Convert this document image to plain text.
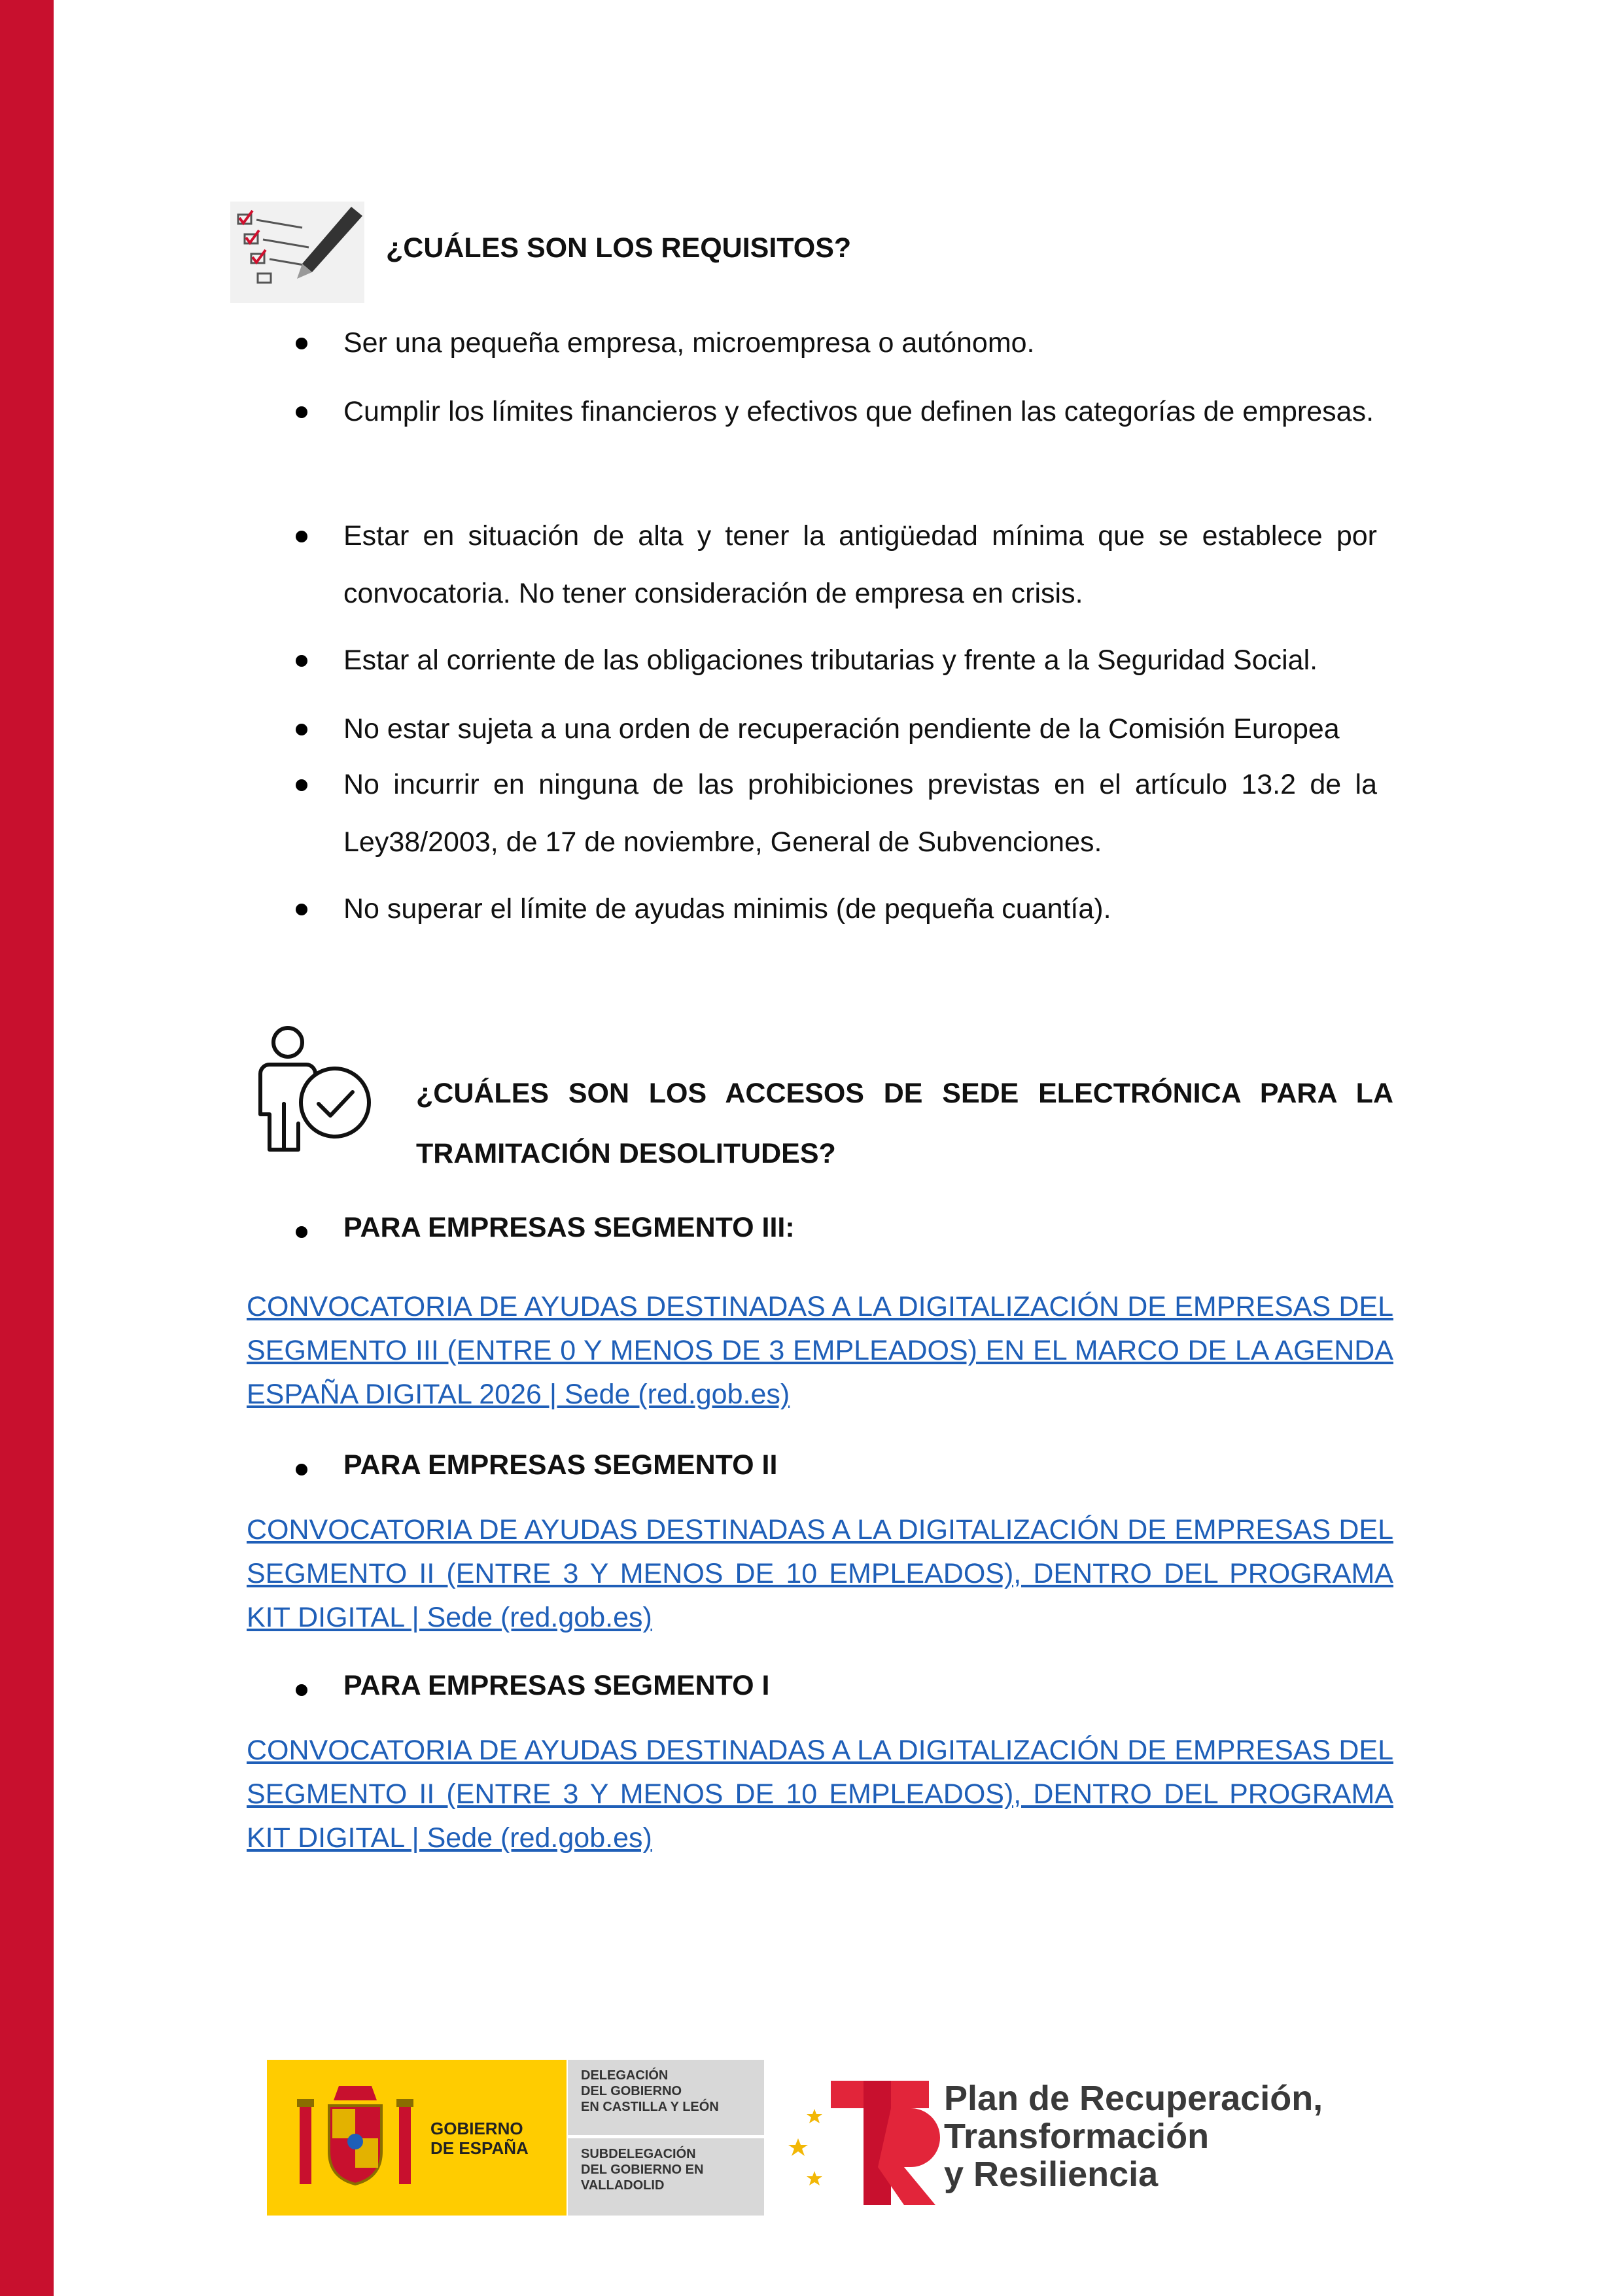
¿CUÁLES SON LOS REQUISITOS?
Ser una pequeña empresa, microempresa o autónomo.
Cumplir los límites financieros y efectivos que definen las categorías de empresas.
Estar en situación de alta y tener la antigüedad mínima que se establece por convocatoria. No tener consideración de empresa en crisis.
Estar al corriente de las obligaciones tributarias y frente a la Seguridad Social.
No estar sujeta a una orden de recuperación pendiente de la Comisión Europea
No incurrir en ninguna de las prohibiciones previstas en el artículo 13.2 de la Ley38/2003, de 17 de noviembre, General de Subvenciones.
No superar el límite de ayudas minimis (de pequeña cuantía).
¿CUÁLES SON LOS ACCESOS DE SEDE ELECTRÓNICA PARA LA TRAMITACIÓN DESOLITUDES?
PARA EMPRESAS SEGMENTO III:
CONVOCATORIA DE AYUDAS DESTINADAS A LA DIGITALIZACIÓN DE EMPRESAS DEL SEGMENTO III (ENTRE 0 Y MENOS DE 3 EMPLEADOS) EN EL MARCO DE LA AGENDA ESPAÑA DIGITAL 2026 | Sede (red.gob.es)
PARA EMPRESAS SEGMENTO II
CONVOCATORIA DE AYUDAS DESTINADAS A LA DIGITALIZACIÓN DE EMPRESAS DEL SEGMENTO II (ENTRE 3 Y MENOS DE 10 EMPLEADOS), DENTRO DEL PROGRAMA KIT DIGITAL | Sede (red.gob.es)
PARA EMPRESAS SEGMENTO I
CONVOCATORIA DE AYUDAS DESTINADAS A LA DIGITALIZACIÓN DE EMPRESAS DEL SEGMENTO II (ENTRE 3 Y MENOS DE 10 EMPLEADOS), DENTRO DEL PROGRAMA KIT DIGITAL | Sede (red.gob.es)
GOBIERNO
DE ESPAÑA
DELEGACIÓN
DEL GOBIERNO
EN CASTILLA Y LEÓN
SUBDELEGACIÓN
DEL GOBIERNO EN
VALLADOLID
Plan de Recuperación,
Transformación
y Resiliencia
